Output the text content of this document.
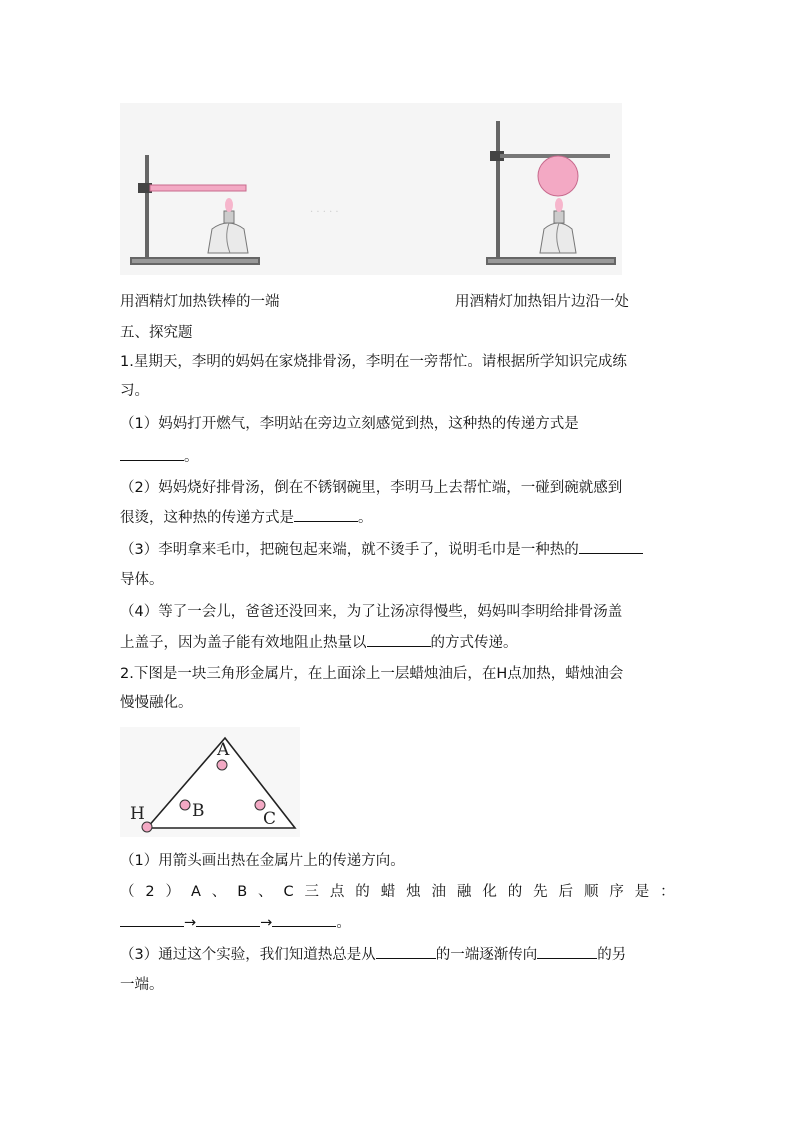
· · · · ·
用酒精灯加热铁棒的一端	用酒精灯加热铝片边沿一处
五、探究题
1.星期天，李明的妈妈在家烧排骨汤，李明在一旁帮忙。请根据所学知识完成练
习。
（1）妈妈打开燃气，李明站在旁边立刻感觉到热，这种热的传递方式是
。
（2）妈妈烧好排骨汤，倒在不锈钢碗里，李明马上去帮忙端，一碰到碗就感到
很烫，这种热的传递方式是	。
（3）李明拿来毛巾，把碗包起来端，就不烫手了，说明毛巾是一种热的
导体。
（4）等了一会儿，爸爸还没回来，为了让汤凉得慢些，妈妈叫李明给排骨汤盖
上盖子，因为盖子能有效地阻止热量以	的方式传递。
2.下图是一块三角形金属片，在上面涂上一层蜡烛油后，在H点加热，蜡烛油会
慢慢融化。
A
B	C
H
（1）用箭头画出热在金属片上的传递方向。
（ 2 ） A 、 B 、 C 三 点 的 蜡 烛 油 融 化 的 先 后 顺 序 是 ：
→	→	。
（3）通过这个实验，我们知道热总是从	的一端逐渐传向	的另
一端。
